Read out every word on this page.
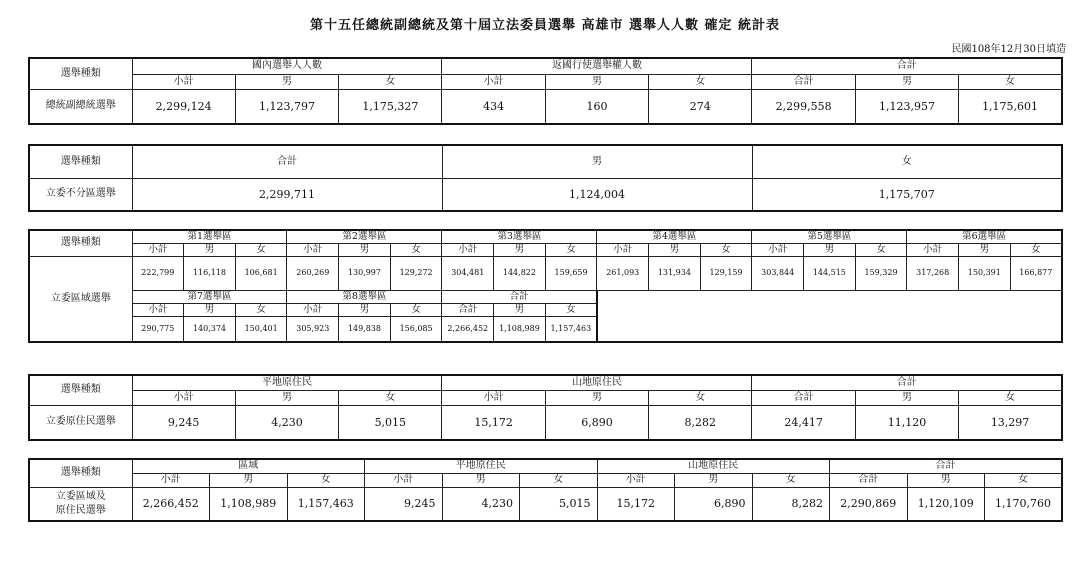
第十五任總統副總統及第十屆立法委員選舉 高雄市 選舉人人數 確定 統計表
民國108年12月30日填造
選舉種類	國內選舉人人數			返國行使選舉權人數			合計		
	小計	男	女	小計	男	女	合計	男	女
總統副總統選舉	2,299,124	1,123,797	1,175,327	434	160	274	2,299,558	1,123,957	1,175,601
選舉種類	合計	男	女
立委不分區選舉	2,299,711	1,124,004	1,175,707
選舉種類	第1選舉區			第2選舉區			第3選舉區			第4選舉區			第5選舉區			第6選舉區		
	小計	男	女	小計	男	女	小計	男	女	小計	男	女	小計	男	女	小計	男	女
立委區域選舉	222,799	116,118	106,681	260,269	130,997	129,272	304,481	144,822	159,659	261,093	131,934	129,159	303,844	144,515	159,329	317,268	150,391	166,877
	第7選舉區			第8選舉區			合計											
	小計	男	女	小計	男	女	合計	男	女									
	290,775	140,374	150,401	305,923	149,838	156,085	2,266,452	1,108,989	1,157,463									
選舉種類	平地原住民			山地原住民			合計		
	小計	男	女	小計	男	女	合計	男	女
立委原住民選舉	9,245	4,230	5,015	15,172	6,890	8,282	24,417	11,120	13,297
選舉種類	區域			平地原住民			山地原住民			合計		
	小計	男	女	小計	男	女	小計	男	女	合計	男	女

立委區域及
原住民選舉	2,266,452	1,108,989	1,157,463	9,245	4,230	5,015	15,172	6,890	8,282	2,290,869	1,120,109	1,170,760
